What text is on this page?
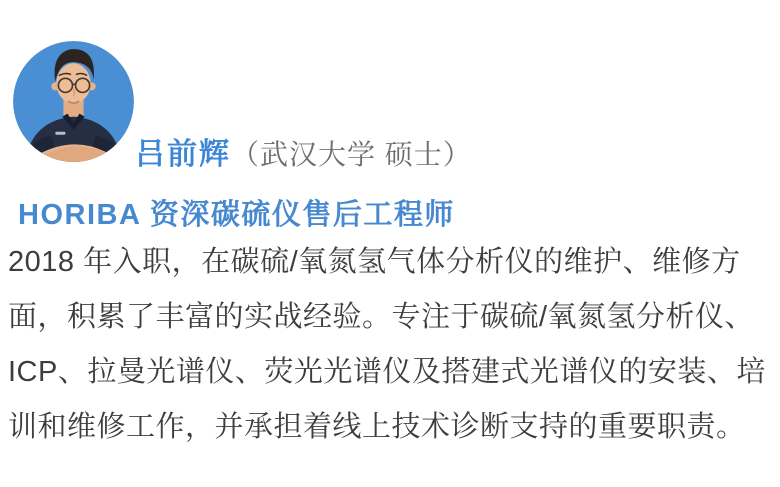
吕前辉（武汉大学 硕士）
HORIBA 资深碳硫仪售后工程师
2018 年入职，在碳硫/氧氮氢气体分析仪的维护、维修方
面，积累了丰富的实战经验。专注于碳硫/氧氮氢分析仪、
ICP、拉曼光谱仪、荧光光谱仪及搭建式光谱仪的安装、培
训和维修工作，并承担着线上技术诊断支持的重要职责。
